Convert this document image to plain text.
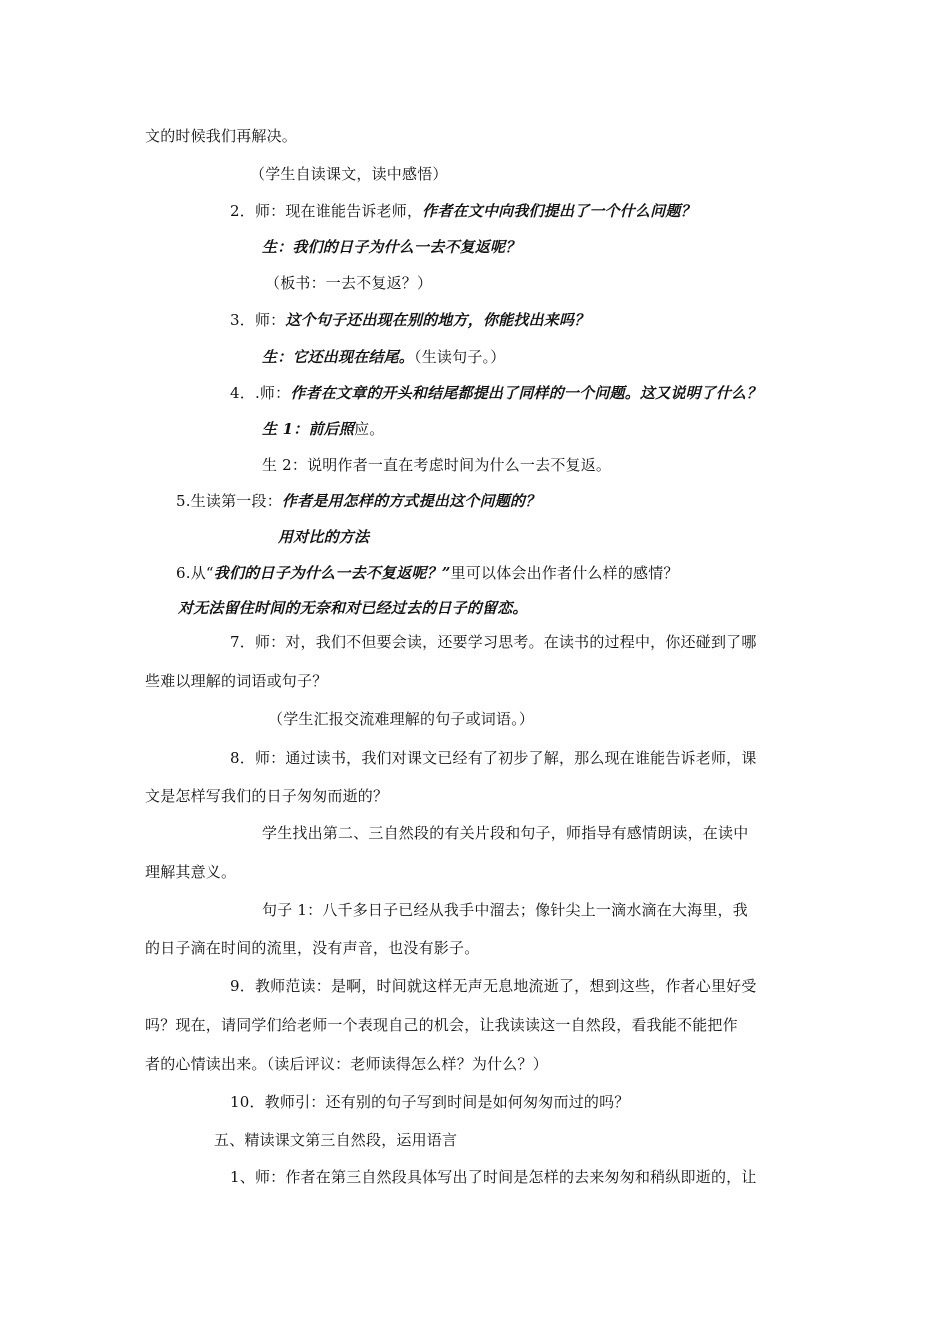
文的时候我们再解决。
（学生自读课文，读中感悟）
2．师：现在谁能告诉老师，作者在文中向我们提出了一个什么问题？
生：我们的日子为什么一去不复返呢？
（板书：一去不复返？）
3．师：这个句子还出现在别的地方，你能找出来吗？
生：它还出现在结尾。（生读句子。）
4．.师：作者在文章的开头和结尾都提出了同样的一个问题。这又说明了什么？
生 1：前后照应。
生 2：说明作者一直在考虑时间为什么一去不复返。
5.生读第一段：作者是用怎样的方式提出这个问题的？
用对比的方法
6.从“我们的日子为什么一去不复返呢？”里可以体会出作者什么样的感情？
对无法留住时间的无奈和对已经过去的日子的留恋。
7．师：对，我们不但要会读，还要学习思考。在读书的过程中，你还碰到了哪
些难以理解的词语或句子？
（学生汇报交流难理解的句子或词语。）
8．师：通过读书，我们对课文已经有了初步了解，那么现在谁能告诉老师，课
文是怎样写我们的日子匆匆而逝的？
学生找出第二、三自然段的有关片段和句子，师指导有感情朗读，在读中
理解其意义。
句子 1：八千多日子已经从我手中溜去；像针尖上一滴水滴在大海里，我
的日子滴在时间的流里，没有声音，也没有影子。
9．教师范读：是啊，时间就这样无声无息地流逝了，想到这些，作者心里好受
吗？现在，请同学们给老师一个表现自己的机会，让我读读这一自然段，看我能不能把作
者的心情读出来。（读后评议：老师读得怎么样？为什么？）
10．教师引：还有别的句子写到时间是如何匆匆而过的吗？
五、精读课文第三自然段，运用语言
1、师：作者在第三自然段具体写出了时间是怎样的去来匆匆和稍纵即逝的，让
